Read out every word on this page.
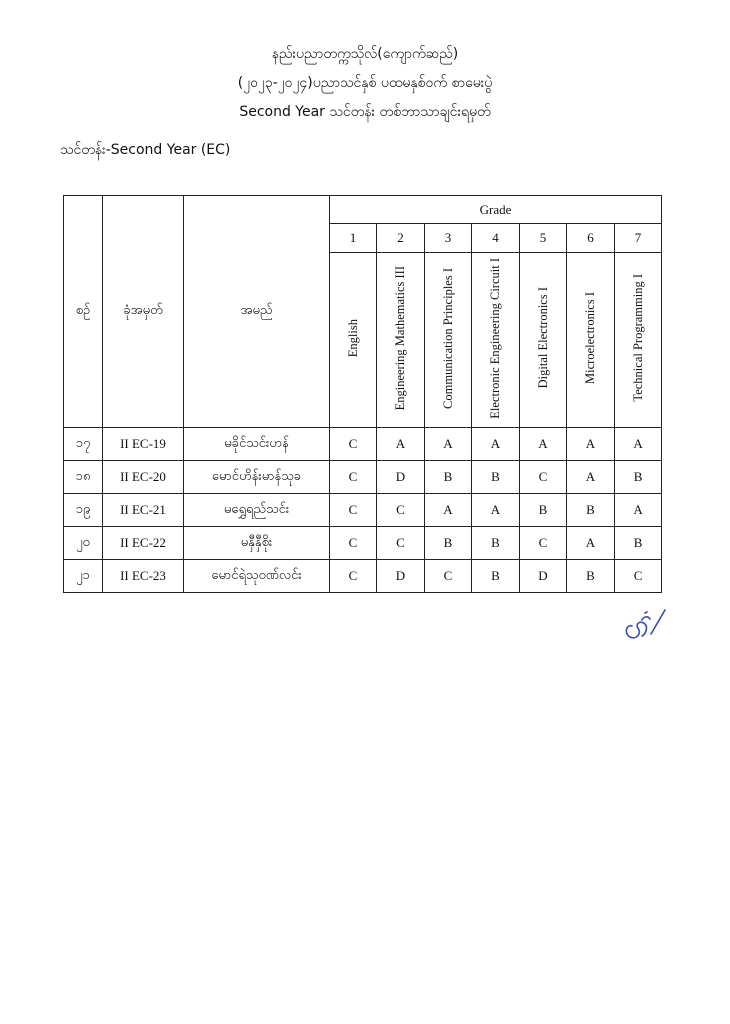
နည်းပညာတက္ကသိုလ်(ကျောက်ဆည်)
(၂၀၂၃-၂၀၂၄)ပညာသင်နှစ် ပထမနှစ်ဝက် စာမေးပွဲ
Second Year သင်တန်း တစ်ဘာသာချင်းရမှတ်
သင်တန်း-Second Year (EC)
စဉ်	ခုံအမှတ်	အမည်	Grade						
			1	2	3	4	5	6	7
			English	Engineering Mathematics III	Communication Principles I	Electronic Engineering Circuit I	Digital Electronics I	Microelectronics I	Technical Programming I
၁၇	II EC-19	မခိုင်သင်းဟန်	C	A	A	A	A	A	A
၁၈	II EC-20	မောင်ဟိန်းမာန်သုခ	C	D	B	B	C	A	B
၁၉	II EC-21	မရွှေရည်သင်း	C	C	A	A	B	B	A
၂၀	II EC-22	မနှီနှီစိုး	C	C	B	B	C	A	B
၂၁	II EC-23	မောင်ရဲသုဝဏ်လင်း	C	D	C	B	D	B	C
